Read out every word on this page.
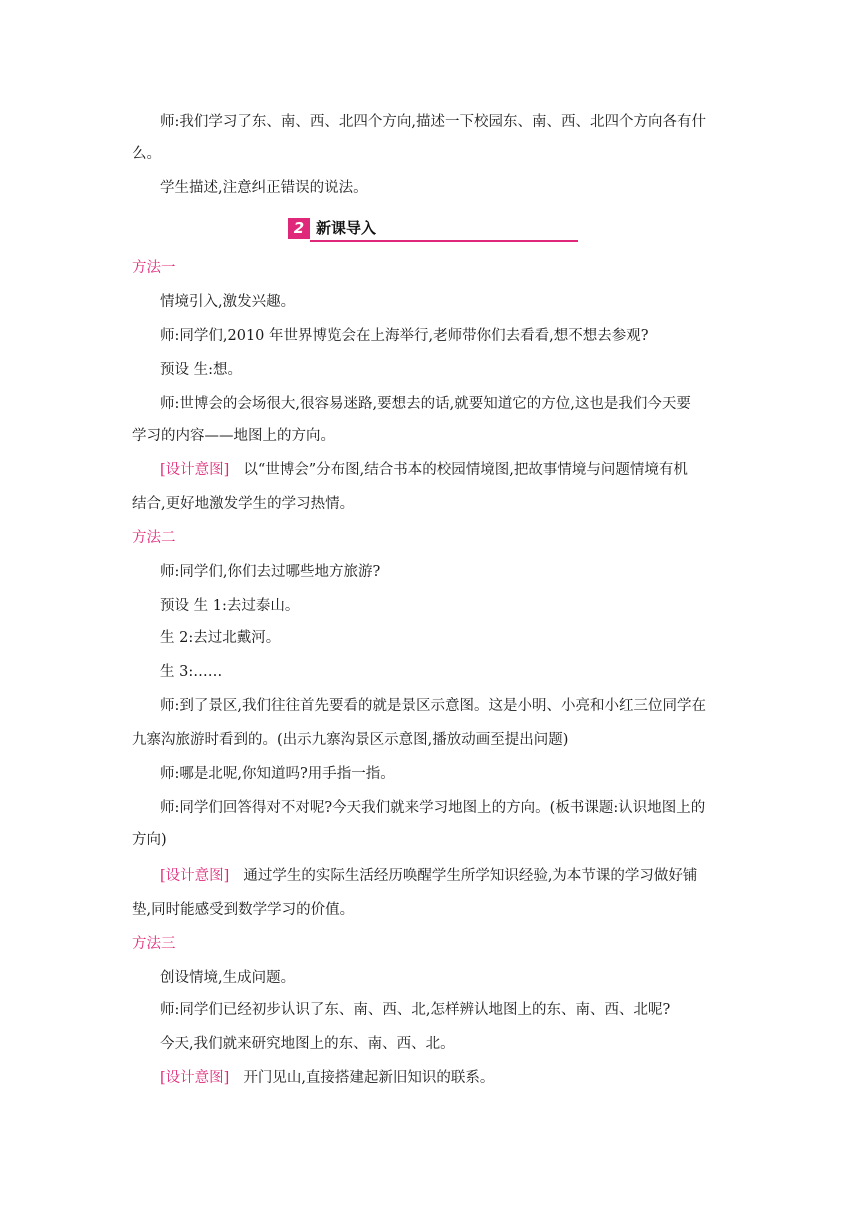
师:我们学习了东、南、西、北四个方向,描述一下校园东、南、西、北四个方向各有什
么。
学生描述,注意纠正错误的说法。
2 新课导入
方法一
情境引入,激发兴趣。
师:同学们,2010 年世界博览会在上海举行,老师带你们去看看,想不想去参观?
预设 生:想。
师:世博会的会场很大,很容易迷路,要想去的话,就要知道它的方位,这也是我们今天要
学习的内容——地图上的方向。
[设计意图] 以“世博会”分布图,结合书本的校园情境图,把故事情境与问题情境有机
结合,更好地激发学生的学习热情。
方法二
师:同学们,你们去过哪些地方旅游?
预设 生 1:去过泰山。
生 2:去过北戴河。
生 3:……
师:到了景区,我们往往首先要看的就是景区示意图。这是小明、小亮和小红三位同学在
九寨沟旅游时看到的。(出示九寨沟景区示意图,播放动画至提出问题)
师:哪是北呢,你知道吗?用手指一指。
师:同学们回答得对不对呢?今天我们就来学习地图上的方向。(板书课题:认识地图上的
方向)
[设计意图] 通过学生的实际生活经历唤醒学生所学知识经验,为本节课的学习做好铺
垫,同时能感受到数学学习的价值。
方法三
创设情境,生成问题。
师:同学们已经初步认识了东、南、西、北,怎样辨认地图上的东、南、西、北呢?
今天,我们就来研究地图上的东、南、西、北。
[设计意图] 开门见山,直接搭建起新旧知识的联系。
